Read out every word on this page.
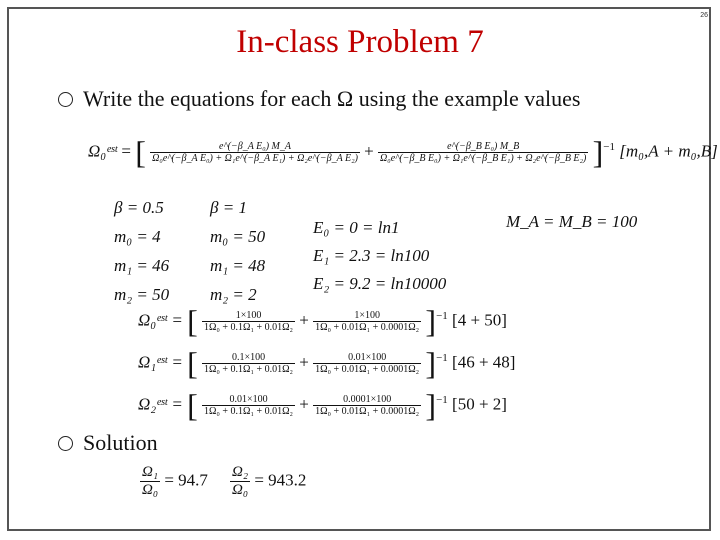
26
In-class Problem 7
Write the equations for each Ω using the example values
Ω₀ᵉˢᵗ = [ $\frac{\text{e\textasciicircum{}(−β\_A E₀) M\_A}}{\text{Ω₀e\textasciicircum{}(−β\_A E₀) + Ω₁e\textasciicircum{}(−β\_A E₁) + Ω₂e\textasciicircum{}(−β\_A E₂)}} + \frac{\text{e\textasciicircum{}(−β\_B E₀) M\_B}}{\text{Ω₀e\textasciicircum{}(−β\_B E₀) + Ω₁e\textasciicircum{}(−β\_B E₁) + Ω₂e\textasciicircum{}(−β\_B E₂)}} ]^{-1}$ [m₀,A + m₀,B]
β = 0.5
m₀ = 4
m₁ = 46
m₂ = 50
β = 1
m₀ = 50
m₁ = 48
m₂ = 2
E₀ = 0 = ln1
E₁ = 2.3 = ln100
E₂ = 9.2 = ln10000
M_A = M_B = 100
Ω₀ᵉˢᵗ = [ $\frac{1\times 100}{\text{1Ω₀ + 0.1Ω₁ + 0.01Ω₂}} + \frac{1\times 100}{\text{1Ω₀ + 0.01Ω₁ + 0.0001Ω₂}} ]^{-1}$ [4 + 50]
Ω₁ᵉˢᵗ = [ $\frac{0.1\times 100}{\text{1Ω₀ + 0.1Ω₁ + 0.01Ω₂}} + \frac{0.01\times 100}{\text{1Ω₀ + 0.01Ω₁ + 0.0001Ω₂}} ]^{-1}$ [46 + 48]
Ω₂ᵉˢᵗ = [ $\frac{0.01\times 100}{\text{1Ω₀ + 0.1Ω₁ + 0.01Ω₂}} + \frac{0.0001\times 100}{\text{1Ω₀ + 0.01Ω₁ + 0.0001Ω₂}} ]^{-1}$ [50 + 2]
Solution
$\frac{\text{Ω₁}}{\text{Ω₀}} = 94.7 \frac{\text{Ω₂}}{\text{Ω₀}} = 943.2$
